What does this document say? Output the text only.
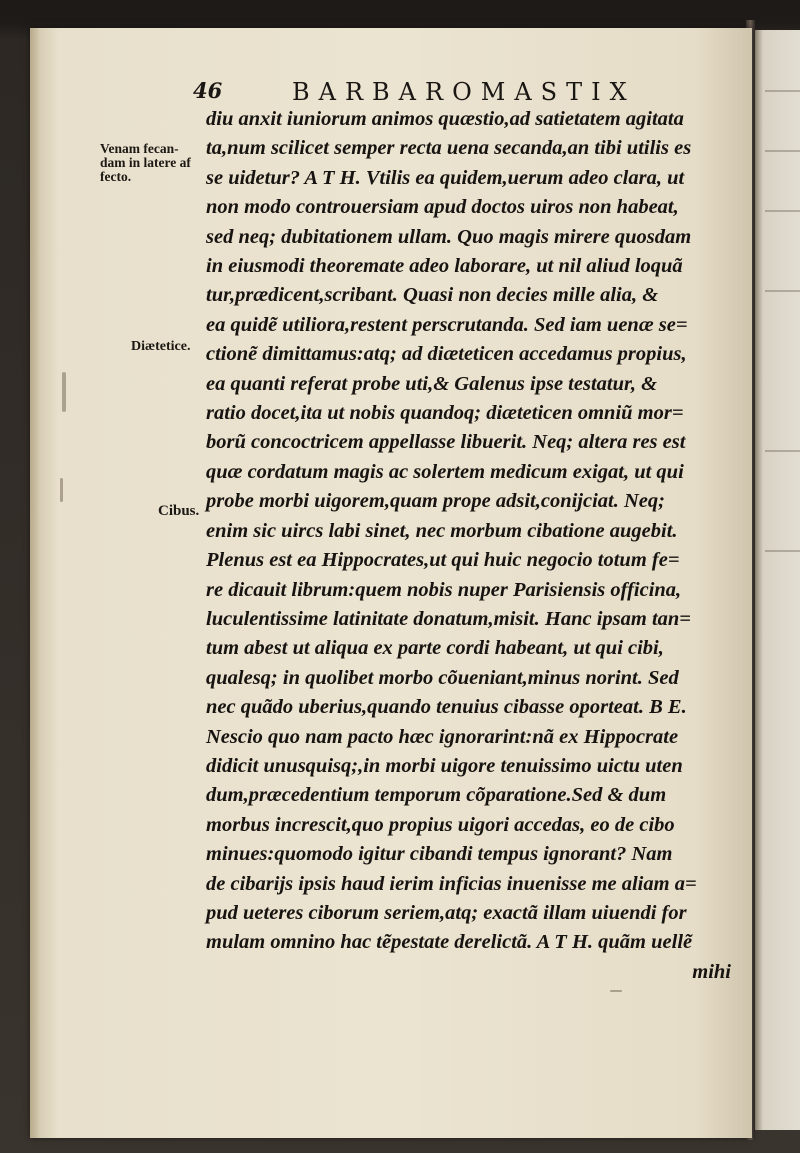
46	BARBAROMASTIX
Venam fecan-
dam in latere af
fecto.
Diætetice.
Cibus.
diu anxit iuniorum animos quæstio,ad satietatem agitata
ta,num scilicet semper recta uena secanda,an tibi utilis es
se uidetur? A T H. Vtilis ea quidem,uerum adeo clara, ut
non modo controuersiam apud doctos uiros non habeat,
sed neq; dubitationem ullam. Quo magis mirere quosdam
in eiusmodi theoremate adeo laborare, ut nil aliud loquã
tur,prædicent,scribant. Quasi non decies mille alia, &
ea quidẽ utiliora,restent perscrutanda. Sed iam uenæ se=
ctionẽ dimittamus:atq; ad diæteticen accedamus propius,
ea quanti referat probe uti,& Galenus ipse testatur, &
ratio docet,ita ut nobis quandoq; diæteticen omniũ mor=
borũ concoctricem appellasse libuerit. Neq; altera res est
quæ cordatum magis ac solertem medicum exigat, ut qui
probe morbi uigorem,quam prope adsit,conijciat. Neq;
enim sic uircs labi sinet, nec morbum cibatione augebit.
Plenus est ea Hippocrates,ut qui huic negocio totum fe=
re dicauit librum:quem nobis nuper Parisiensis officina,
luculentissime latinitate donatum,misit. Hanc ipsam tan=
tum abest ut aliqua ex parte cordi habeant, ut qui cibi,
qualesq; in quolibet morbo cõueniant,minus norint. Sed
nec quãdo uberius,quando tenuius cibasse oporteat. B E.
Nescio quo nam pacto hæc ignorarint:nã ex Hippocrate
didicit unusquisq;,in morbi uigore tenuissimo uictu uten
dum,præcedentium temporum cõparatione.Sed & dum
morbus increscit,quo propius uigori accedas, eo de cibo
minues:quomodo igitur cibandi tempus ignorant? Nam
de cibarijs ipsis haud ierim inficias inuenisse me aliam a=
pud ueteres ciborum seriem,atq; exactã illam uiuendi for
mulam omnino hac tẽpestate derelictã. A T H. quãm uellẽ
mihi
